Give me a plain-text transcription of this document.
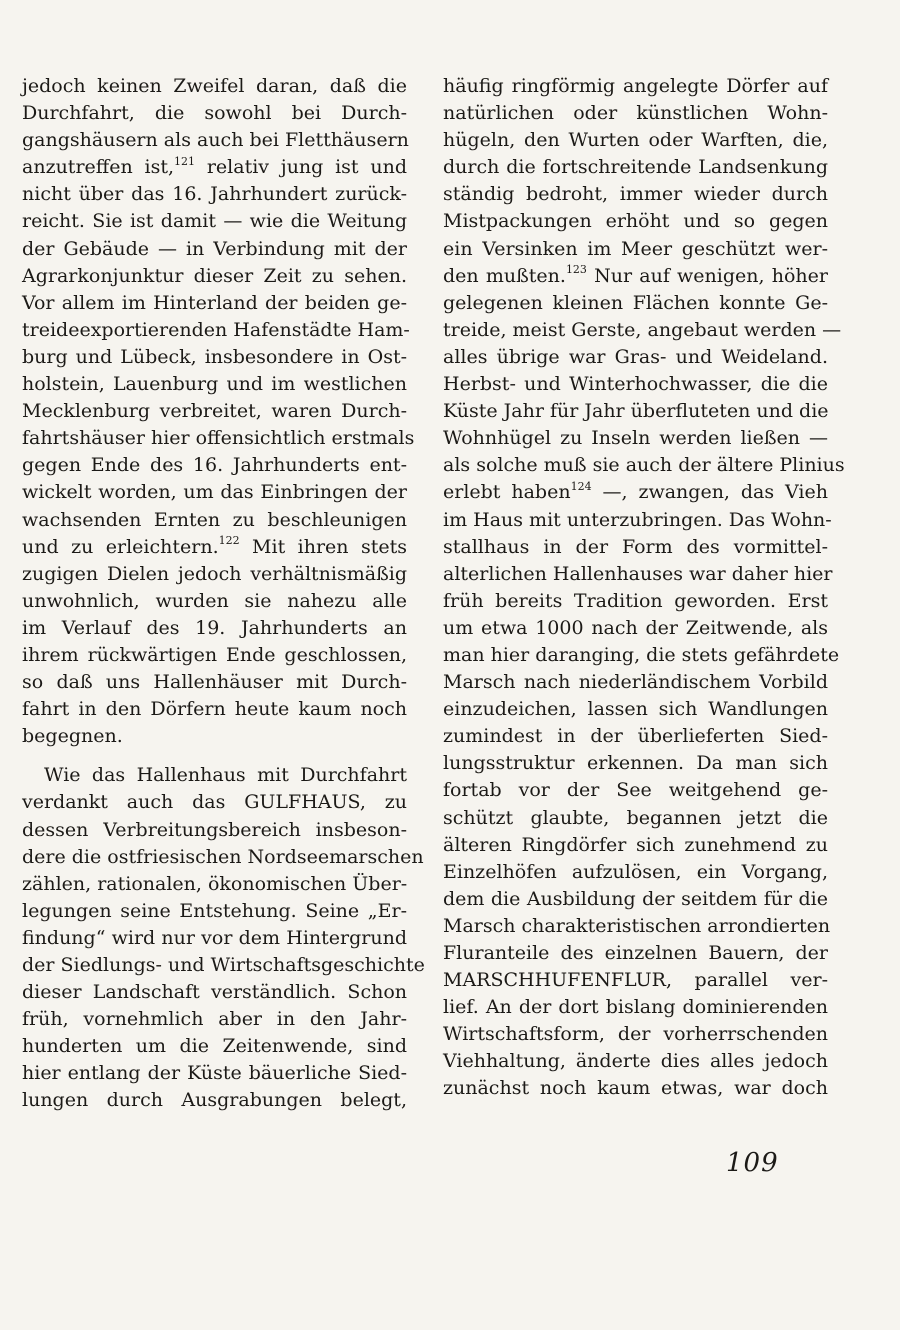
jedoch keinen Zweifel daran, daß die
Durchfahrt, die sowohl bei Durch-
gangshäusern als auch bei Fletthäusern
anzutreffen ist,$^{121}$ relativ jung ist und
nicht über das 16. Jahrhundert zurück-
reicht. Sie ist damit — wie die Weitung
der Gebäude — in Verbindung mit der
Agrarkonjunktur dieser Zeit zu sehen.
Vor allem im Hinterland der beiden ge-
treideexportierenden Hafenstädte Ham-
burg und Lübeck, insbesondere in Ost-
holstein, Lauenburg und im westlichen
Mecklenburg verbreitet, waren Durch-
fahrtshäuser hier offensichtlich erstmals
gegen Ende des 16. Jahrhunderts ent-
wickelt worden, um das Einbringen der
wachsenden Ernten zu beschleunigen
und zu erleichtern.$^{122}$ Mit ihren stets
zugigen Dielen jedoch verhältnismäßig
unwohnlich, wurden sie nahezu alle
im Verlauf des 19. Jahrhunderts an
ihrem rückwärtigen Ende geschlossen,
so daß uns Hallenhäuser mit Durch-
fahrt in den Dörfern heute kaum noch
begegnen.
Wie das Hallenhaus mit Durchfahrt
verdankt auch das GULFHAUS, zu
dessen Verbreitungsbereich insbeson-
dere die ostfriesischen Nordseemarschen
zählen, rationalen, ökonomischen Über-
legungen seine Entstehung. Seine „Er-
findung“ wird nur vor dem Hintergrund
der Siedlungs- und Wirtschaftsgeschichte
dieser Landschaft verständlich. Schon
früh, vornehmlich aber in den Jahr-
hunderten um die Zeitenwende, sind
hier entlang der Küste bäuerliche Sied-
lungen durch Ausgrabungen belegt,
häufig ringförmig angelegte Dörfer auf
natürlichen oder künstlichen Wohn-
hügeln, den Wurten oder Warften, die,
durch die fortschreitende Landsenkung
ständig bedroht, immer wieder durch
Mistpackungen erhöht und so gegen
ein Versinken im Meer geschützt wer-
den mußten.$^{123}$ Nur auf wenigen, höher
gelegenen kleinen Flächen konnte Ge-
treide, meist Gerste, angebaut werden —
alles übrige war Gras- und Weideland.
Herbst- und Winterhochwasser, die die
Küste Jahr für Jahr überfluteten und die
Wohnhügel zu Inseln werden ließen —
als solche muß sie auch der ältere Plinius
erlebt haben$^{124}$ —, zwangen, das Vieh
im Haus mit unterzubringen. Das Wohn-
stallhaus in der Form des vormittel-
alterlichen Hallenhauses war daher hier
früh bereits Tradition geworden. Erst
um etwa 1000 nach der Zeitwende, als
man hier daranging, die stets gefährdete
Marsch nach niederländischem Vorbild
einzudeichen, lassen sich Wandlungen
zumindest in der überlieferten Sied-
lungsstruktur erkennen. Da man sich
fortab vor der See weitgehend ge-
schützt glaubte, begannen jetzt die
älteren Ringdörfer sich zunehmend zu
Einzelhöfen aufzulösen, ein Vorgang,
dem die Ausbildung der seitdem für die
Marsch charakteristischen arrondierten
Fluranteile des einzelnen Bauern, der
MARSCHHUFENFLUR, parallel ver-
lief. An der dort bislang dominierenden
Wirtschaftsform, der vorherrschenden
Viehhaltung, änderte dies alles jedoch
zunächst noch kaum etwas, war doch
109
